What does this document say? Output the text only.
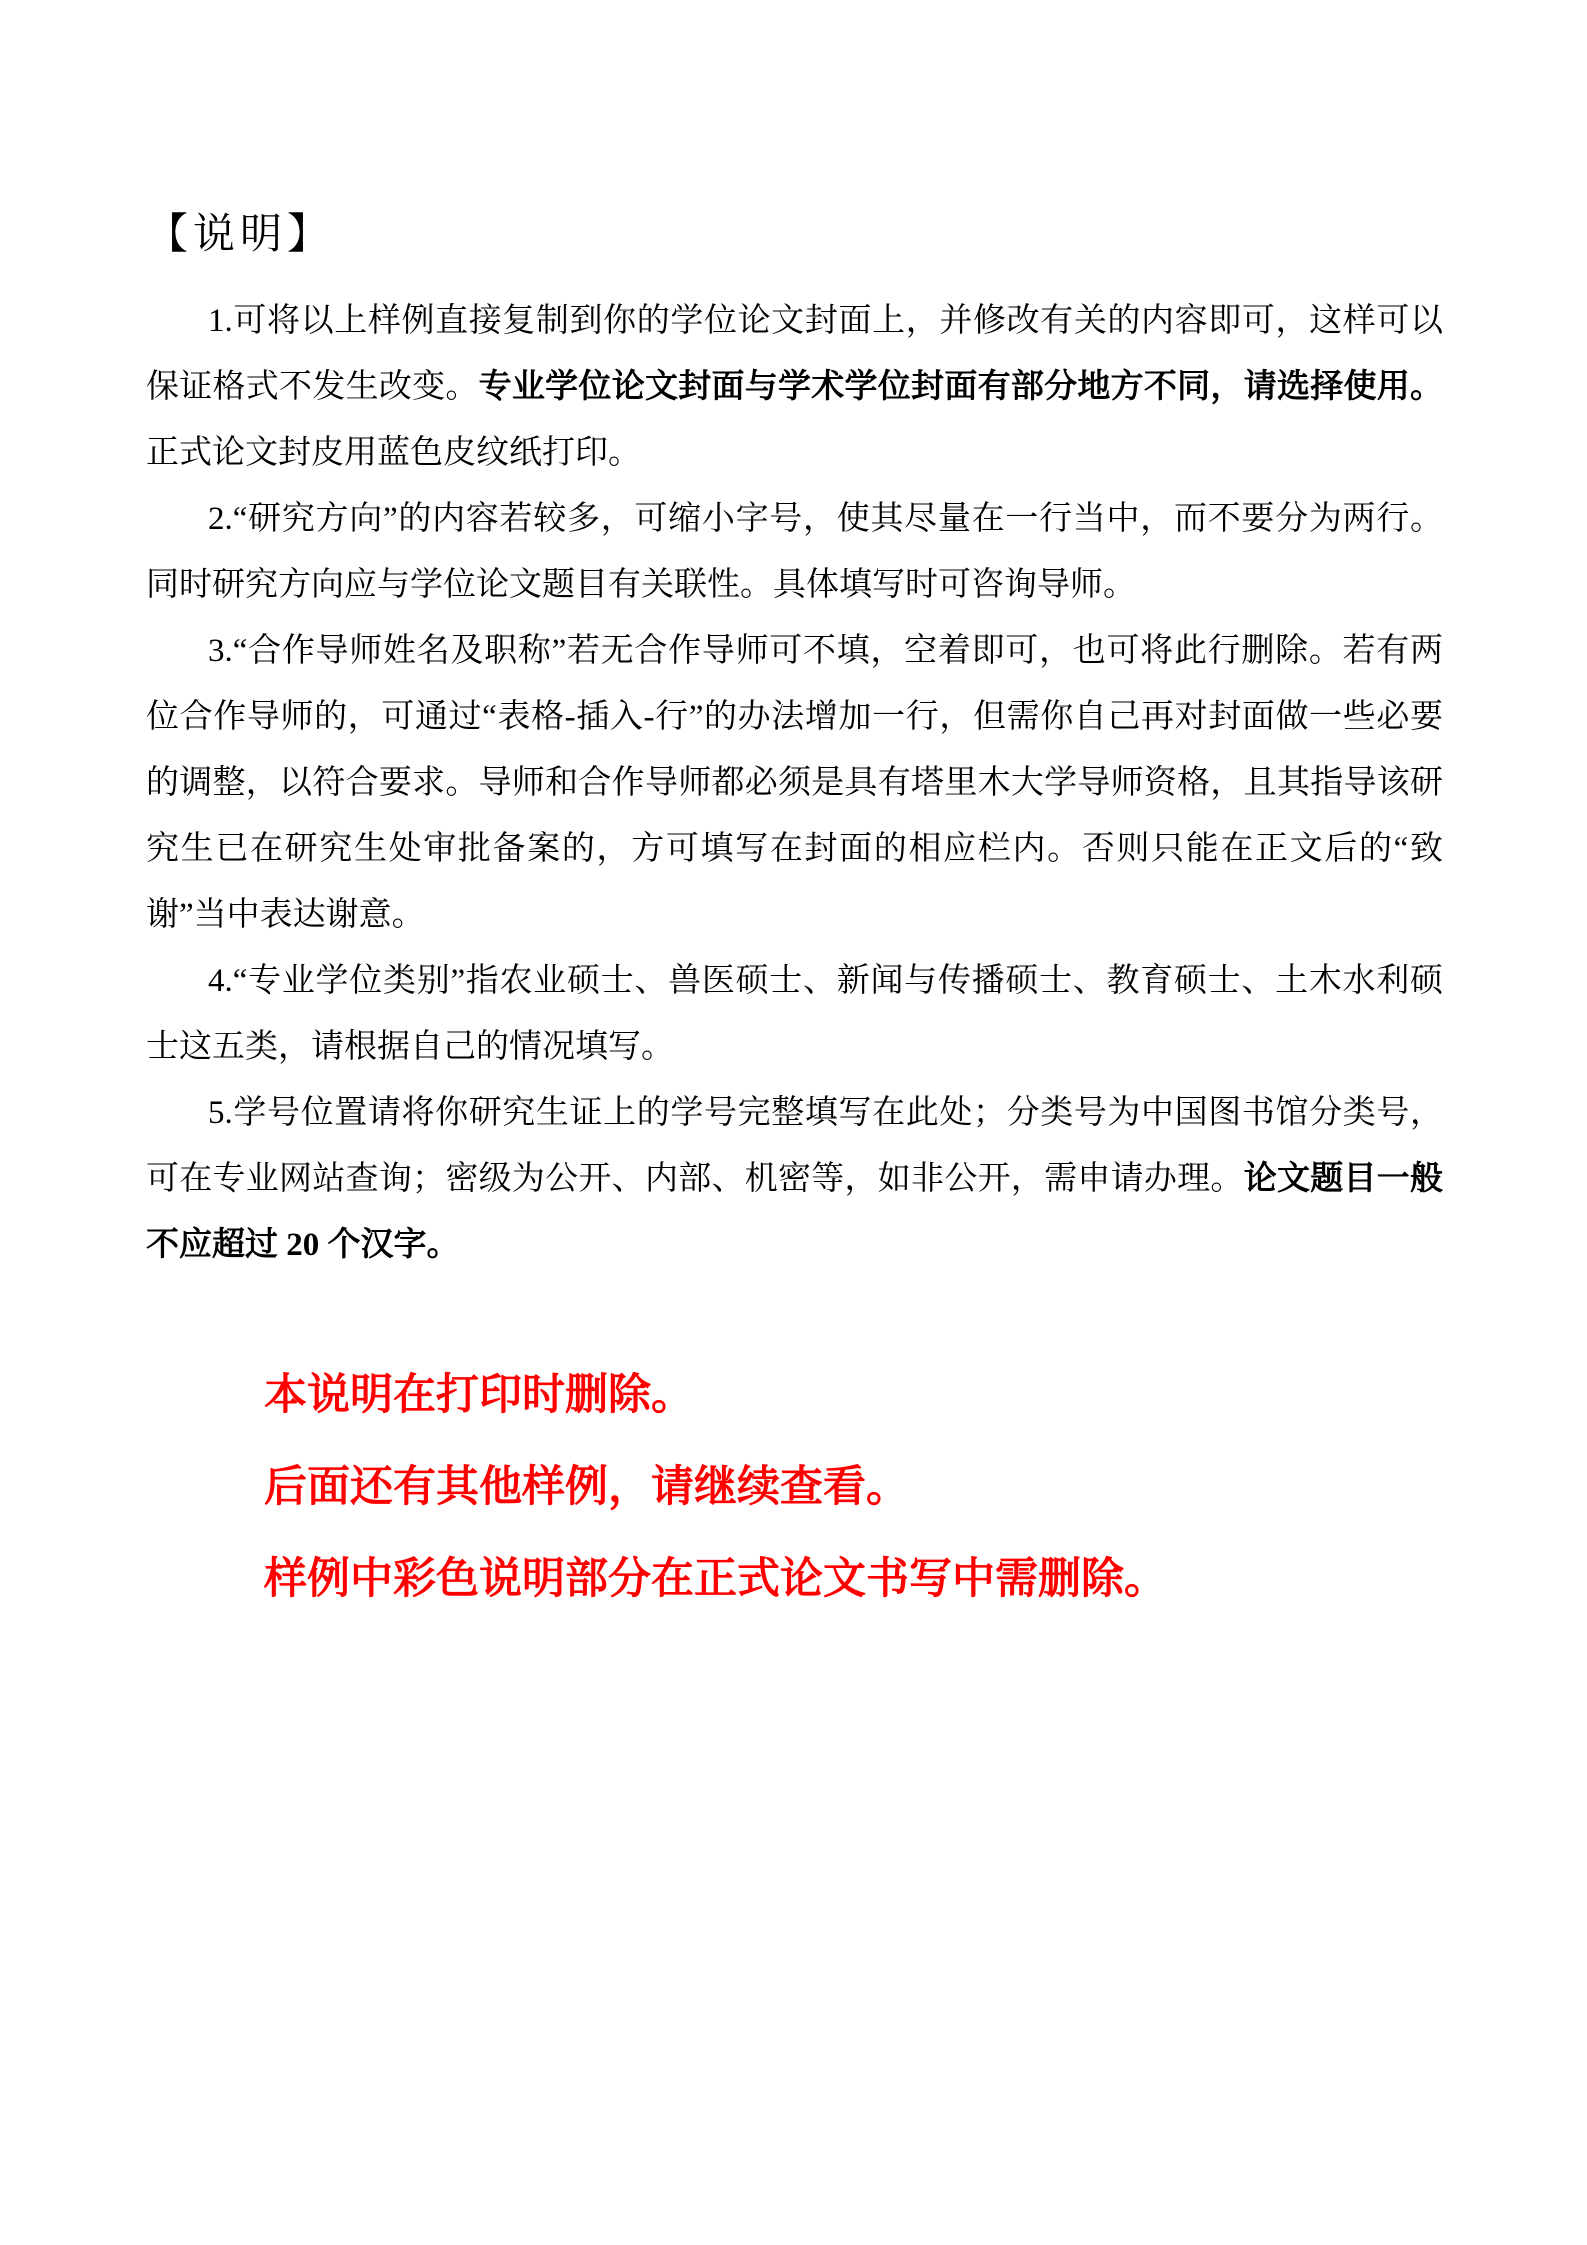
【说明】

1.可将以上样例直接复制到你的学位论文封面上，并修改有关的内容即可，这样可以保证格式不发生改变。专业学位论文封面与学术学位封面有部分地方不同，请选择使用。正式论文封皮用蓝色皮纹纸打印。

2.“研究方向”的内容若较多，可缩小字号，使其尽量在一行当中，而不要分为两行。同时研究方向应与学位论文题目有关联性。具体填写时可咨询导师。

3.“合作导师姓名及职称”若无合作导师可不填，空着即可，也可将此行删除。若有两位合作导师的，可通过“表格-插入-行”的办法增加一行，但需你自己再对封面做一些必要的调整，以符合要求。导师和合作导师都必须是具有塔里木大学导师资格，且其指导该研究生已在研究生处审批备案的，方可填写在封面的相应栏内。否则只能在正文后的“致谢”当中表达谢意。

4.“专业学位类别”指农业硕士、兽医硕士、新闻与传播硕士、教育硕士、土木水利硕士这五类，请根据自己的情况填写。

5.学号位置请将你研究生证上的学号完整填写在此处；分类号为中国图书馆分类号，可在专业网站查询；密级为公开、内部、机密等，如非公开，需申请办理。论文题目一般不应超过 20 个汉字。

本说明在打印时删除。

后面还有其他样例，请继续查看。

样例中彩色说明部分在正式论文书写中需删除。
